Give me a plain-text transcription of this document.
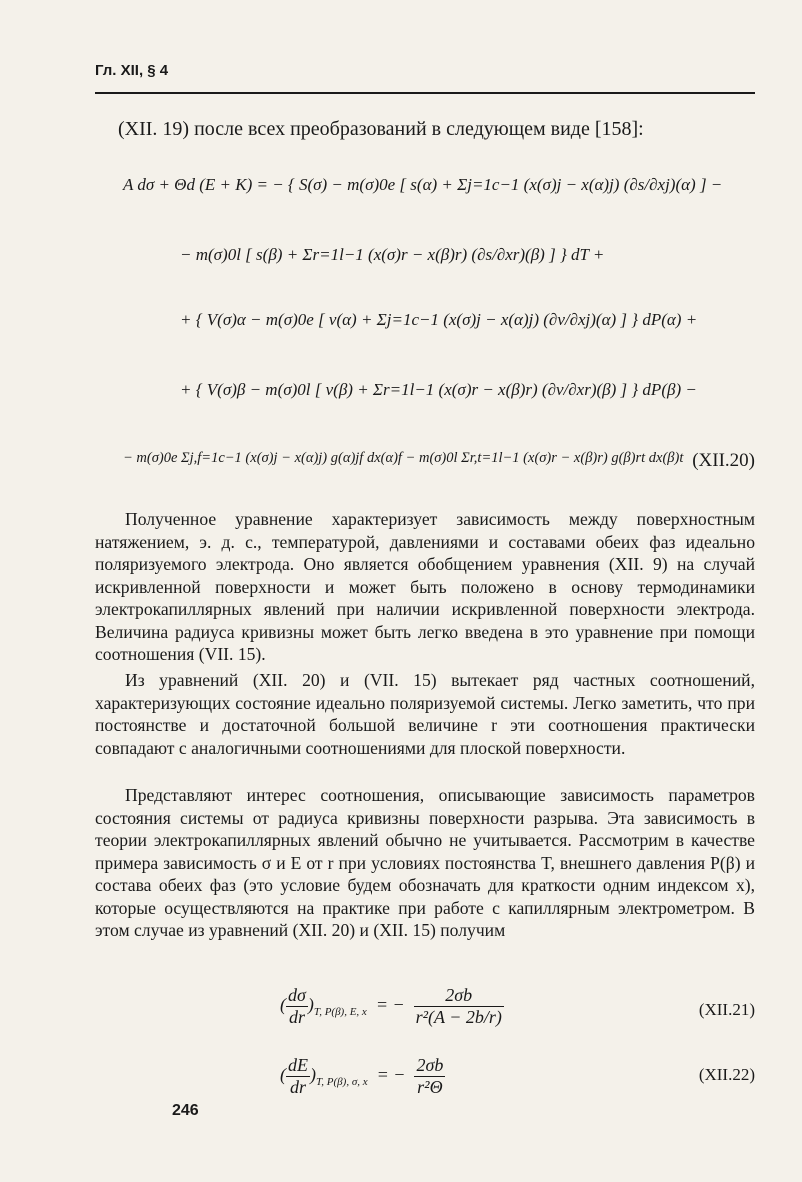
Гл. XII, § 4
(XII. 19) после всех преобразований в следующем виде [158]:
A dσ + Θd (E + K) = − { S(σ) − m(σ)0e [ s(α) + Σj=1c−1 (x(σ)j − x(α)j) (∂s/∂xj)(α) ] −
− m(σ)0l [ s(β) + Σr=1l−1 (x(σ)r − x(β)r) (∂s/∂xr)(β) ] } dT +
+ { V(σ)α − m(σ)0e [ v(α) + Σj=1c−1 (x(σ)j − x(α)j) (∂v/∂xj)(α) ] } dP(α) +
+ { V(σ)β − m(σ)0l [ v(β) + Σr=1l−1 (x(σ)r − x(β)r) (∂v/∂xr)(β) ] } dP(β) −
− m(σ)0e Σj,f=1c−1 (x(σ)j − x(α)j) g(α)jf dx(α)f − m(σ)0l Σr,t=1l−1 (x(σ)r − x(β)r) g(β)rt dx(β)t (XII.20)

Полученное уравнение характеризует зависимость между поверхностным натяжением, э. д. с., температурой, давлениями и составами обеих фаз идеально поляризуемого электрода. Оно является обобщением уравнения (XII. 9) на случай искривленной поверхности и может быть положено в основу термодинамики электрокапиллярных явлений при наличии искривленной поверхности электрода. Величина радиуса кривизны может быть легко введена в это уравнение при помощи соотношения (VII. 15).

Из уравнений (XII. 20) и (VII. 15) вытекает ряд частных соотношений, характеризующих состояние идеально поляризуемой системы. Легко заметить, что при постоянстве и достаточной большой величине r эти соотношения практически совпадают с аналогичными соотношениями для плоской поверхности.

Представляют интерес соотношения, описывающие зависимость параметров состояния системы от радиуса кривизны поверхности разрыва. Эта зависимость в теории электрокапиллярных явлений обычно не учитывается. Рассмотрим в качестве примера зависимость σ и E от r при условиях постоянства T, внешнего давления P(β) и состава обеих фаз (это условие будем обозначать для краткости одним индексом x), которые осуществляются на практике при работе с капиллярным электрометром. В этом случае из уравнений (XII. 20) и (XII. 15) получим

( $\frac{d\sigma}{dr} )_{T, P(\beta), E, x}$ = − $\frac{2\sigma b}{\text{r²(A − 2b/r)}}$	(XII.21)
( $\frac{dE}{dr} )_{T, P(\beta), \sigma, x}$ = − $\frac{2\sigma b}{\text{r²Θ}}$	(XII.22)
246
